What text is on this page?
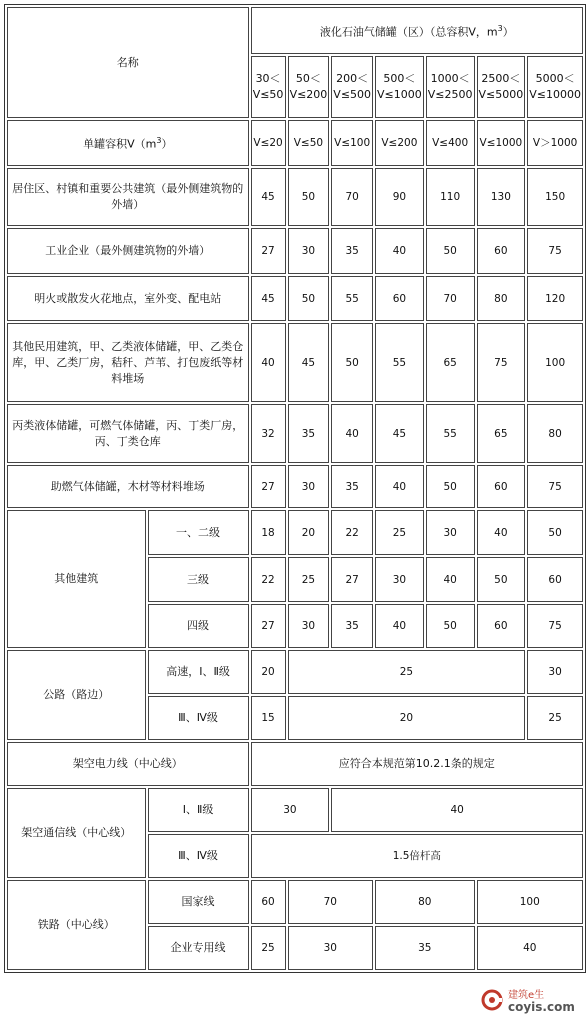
名称		液化石油气储罐（区）（总容积V，$m^3$）						
		30＜V≤50	50＜V≤200	200＜V≤500	500＜V≤1000	1000＜V≤2500	2500＜V≤5000	5000＜V≤10000
单罐容积$V(m^3)$		V≤20	V≤50	V≤100	V≤200	V≤400	V≤1000	V＞1000
居住区、村镇和重要公共建筑（最外侧建筑物的外墙）		45	50	70	90	110	130	150
工业企业（最外侧建筑物的外墙）		27	30	35	40	50	60	75
明火或散发火花地点，室外变、配电站		45	50	55	60	70	80	120
其他民用建筑，甲、乙类液体储罐，甲、乙类仓库，甲、乙类厂房，秸秆、芦苇、打包废纸等材料堆场		40	45	50	55	65	75	100
丙类液体储罐，可燃气体储罐，丙、丁类厂房，丙、丁类仓库		32	35	40	45	55	65	80
助燃气体储罐，木材等材料堆场		27	30	35	40	50	60	75
其他建筑	一、二级	18	20	22	25	30	40	50
	三级	22	25	27	30	40	50	60
	四级	27	30	35	40	50	60	75
公路（路边）	高速，Ⅰ、Ⅱ级	20	25					30
	Ⅲ、Ⅳ级	15	20					25
架空电力线（中心线）		应符合本规范第10.2.1条的规定						
架空通信线（中心线）	Ⅰ、Ⅱ级	30		40				
	Ⅲ、Ⅳ级	1.5倍杆高						
铁路（中心线）	国家线	60	70		80		100	
	企业专用线	25	30		35		40	
建筑e生
coyis.com
